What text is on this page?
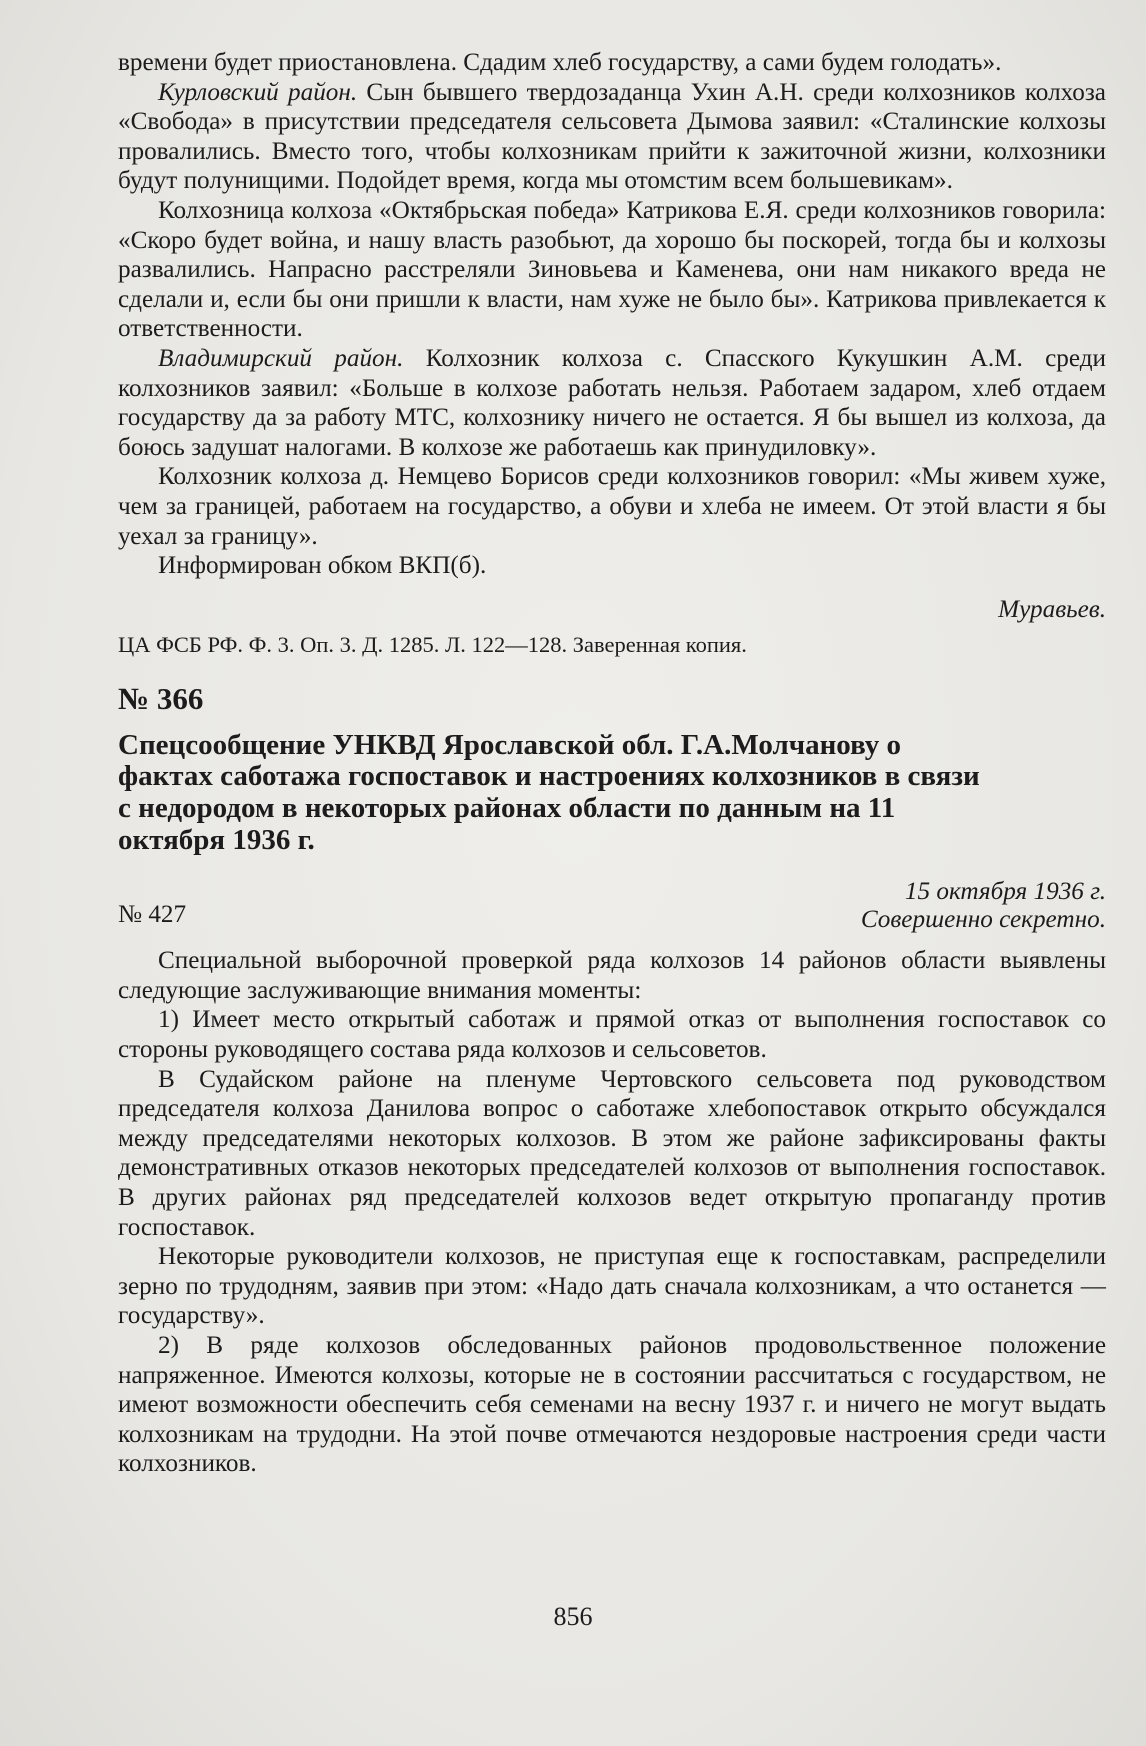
времени будет приостановлена. Сдадим хлеб государству, а сами будем голодать».

Курловский район. Сын бывшего твердозаданца Ухин А.Н. среди колхозников колхоза «Свобода» в присутствии председателя сельсовета Дымова заявил: «Сталинские колхозы провалились. Вместо того, чтобы колхозникам прийти к зажиточной жизни, колхозники будут полунищими. Подойдет время, когда мы отомстим всем большевикам».

Колхозница колхоза «Октябрьская победа» Катрикова Е.Я. среди колхозников говорила: «Скоро будет война, и нашу власть разобьют, да хорошо бы поскорей, тогда бы и колхозы развалились. Напрасно расстреляли Зиновьева и Каменева, они нам никакого вреда не сделали и, если бы они пришли к власти, нам хуже не было бы». Катрикова привлекается к ответственности.

Владимирский район. Колхозник колхоза с. Спасского Кукушкин А.М. среди колхозников заявил: «Больше в колхозе работать нельзя. Работаем задаром, хлеб отдаем государству да за работу МТС, колхознику ничего не остается. Я бы вышел из колхоза, да боюсь задушат налогами. В колхозе же работаешь как принудиловку».

Колхозник колхоза д. Немцево Борисов среди колхозников говорил: «Мы живем хуже, чем за границей, работаем на государство, а обуви и хлеба не имеем. От этой власти я бы уехал за границу».

Информирован обком ВКП(б).

Муравьев.
ЦА ФСБ РФ. Ф. 3. Оп. 3. Д. 1285. Л. 122—128. Заверенная копия.
№ 366
Спецсообщение УНКВД Ярославской обл. Г.А.Молчанову о фактах саботажа госпоставок и настроениях колхозников в связи с недородом в некоторых районах области по данным на 11 октября 1936 г.
№ 427
15 октября 1936 г.
Совершенно секретно.

Специальной выборочной проверкой ряда колхозов 14 районов области выявлены следующие заслуживающие внимания моменты:

1) Имеет место открытый саботаж и прямой отказ от выполнения госпоставок со стороны руководящего состава ряда колхозов и сельсоветов.

В Судайском районе на пленуме Чертовского сельсовета под руководством председателя колхоза Данилова вопрос о саботаже хлебопоставок открыто обсуждался между председателями некоторых колхозов. В этом же районе зафиксированы факты демонстративных отказов некоторых председателей колхозов от выполнения госпоставок. В других районах ряд председателей колхозов ведет открытую пропаганду против госпоставок.

Некоторые руководители колхозов, не приступая еще к госпоставкам, распределили зерно по трудодням, заявив при этом: «Надо дать сначала колхозникам, а что останется — государству».

2) В ряде колхозов обследованных районов продовольственное положение напряженное. Имеются колхозы, которые не в состоянии рассчитаться с государством, не имеют возможности обеспечить себя семенами на весну 1937 г. и ничего не могут выдать колхозникам на трудодни. На этой почве отмечаются нездоровые настроения среди части колхозников.

856
